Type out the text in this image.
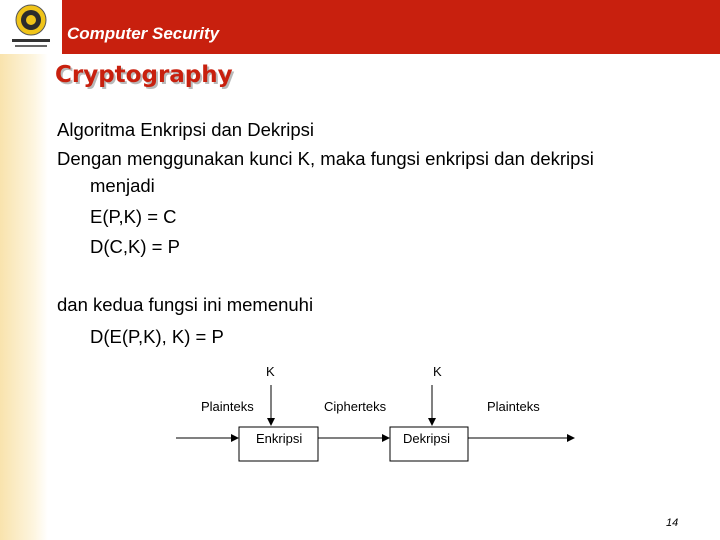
Computer Security
Cryptography
Algoritma Enkripsi dan Dekripsi
Dengan menggunakan kunci K, maka fungsi enkripsi dan dekripsi
menjadi
E(P,K) = C
D(C,K) = P
dan kedua fungsi ini memenuhi
D(E(P,K), K) = P
K	K
Plainteks	Cipherteks	Plainteks
Enkripsi	Dekripsi
14
